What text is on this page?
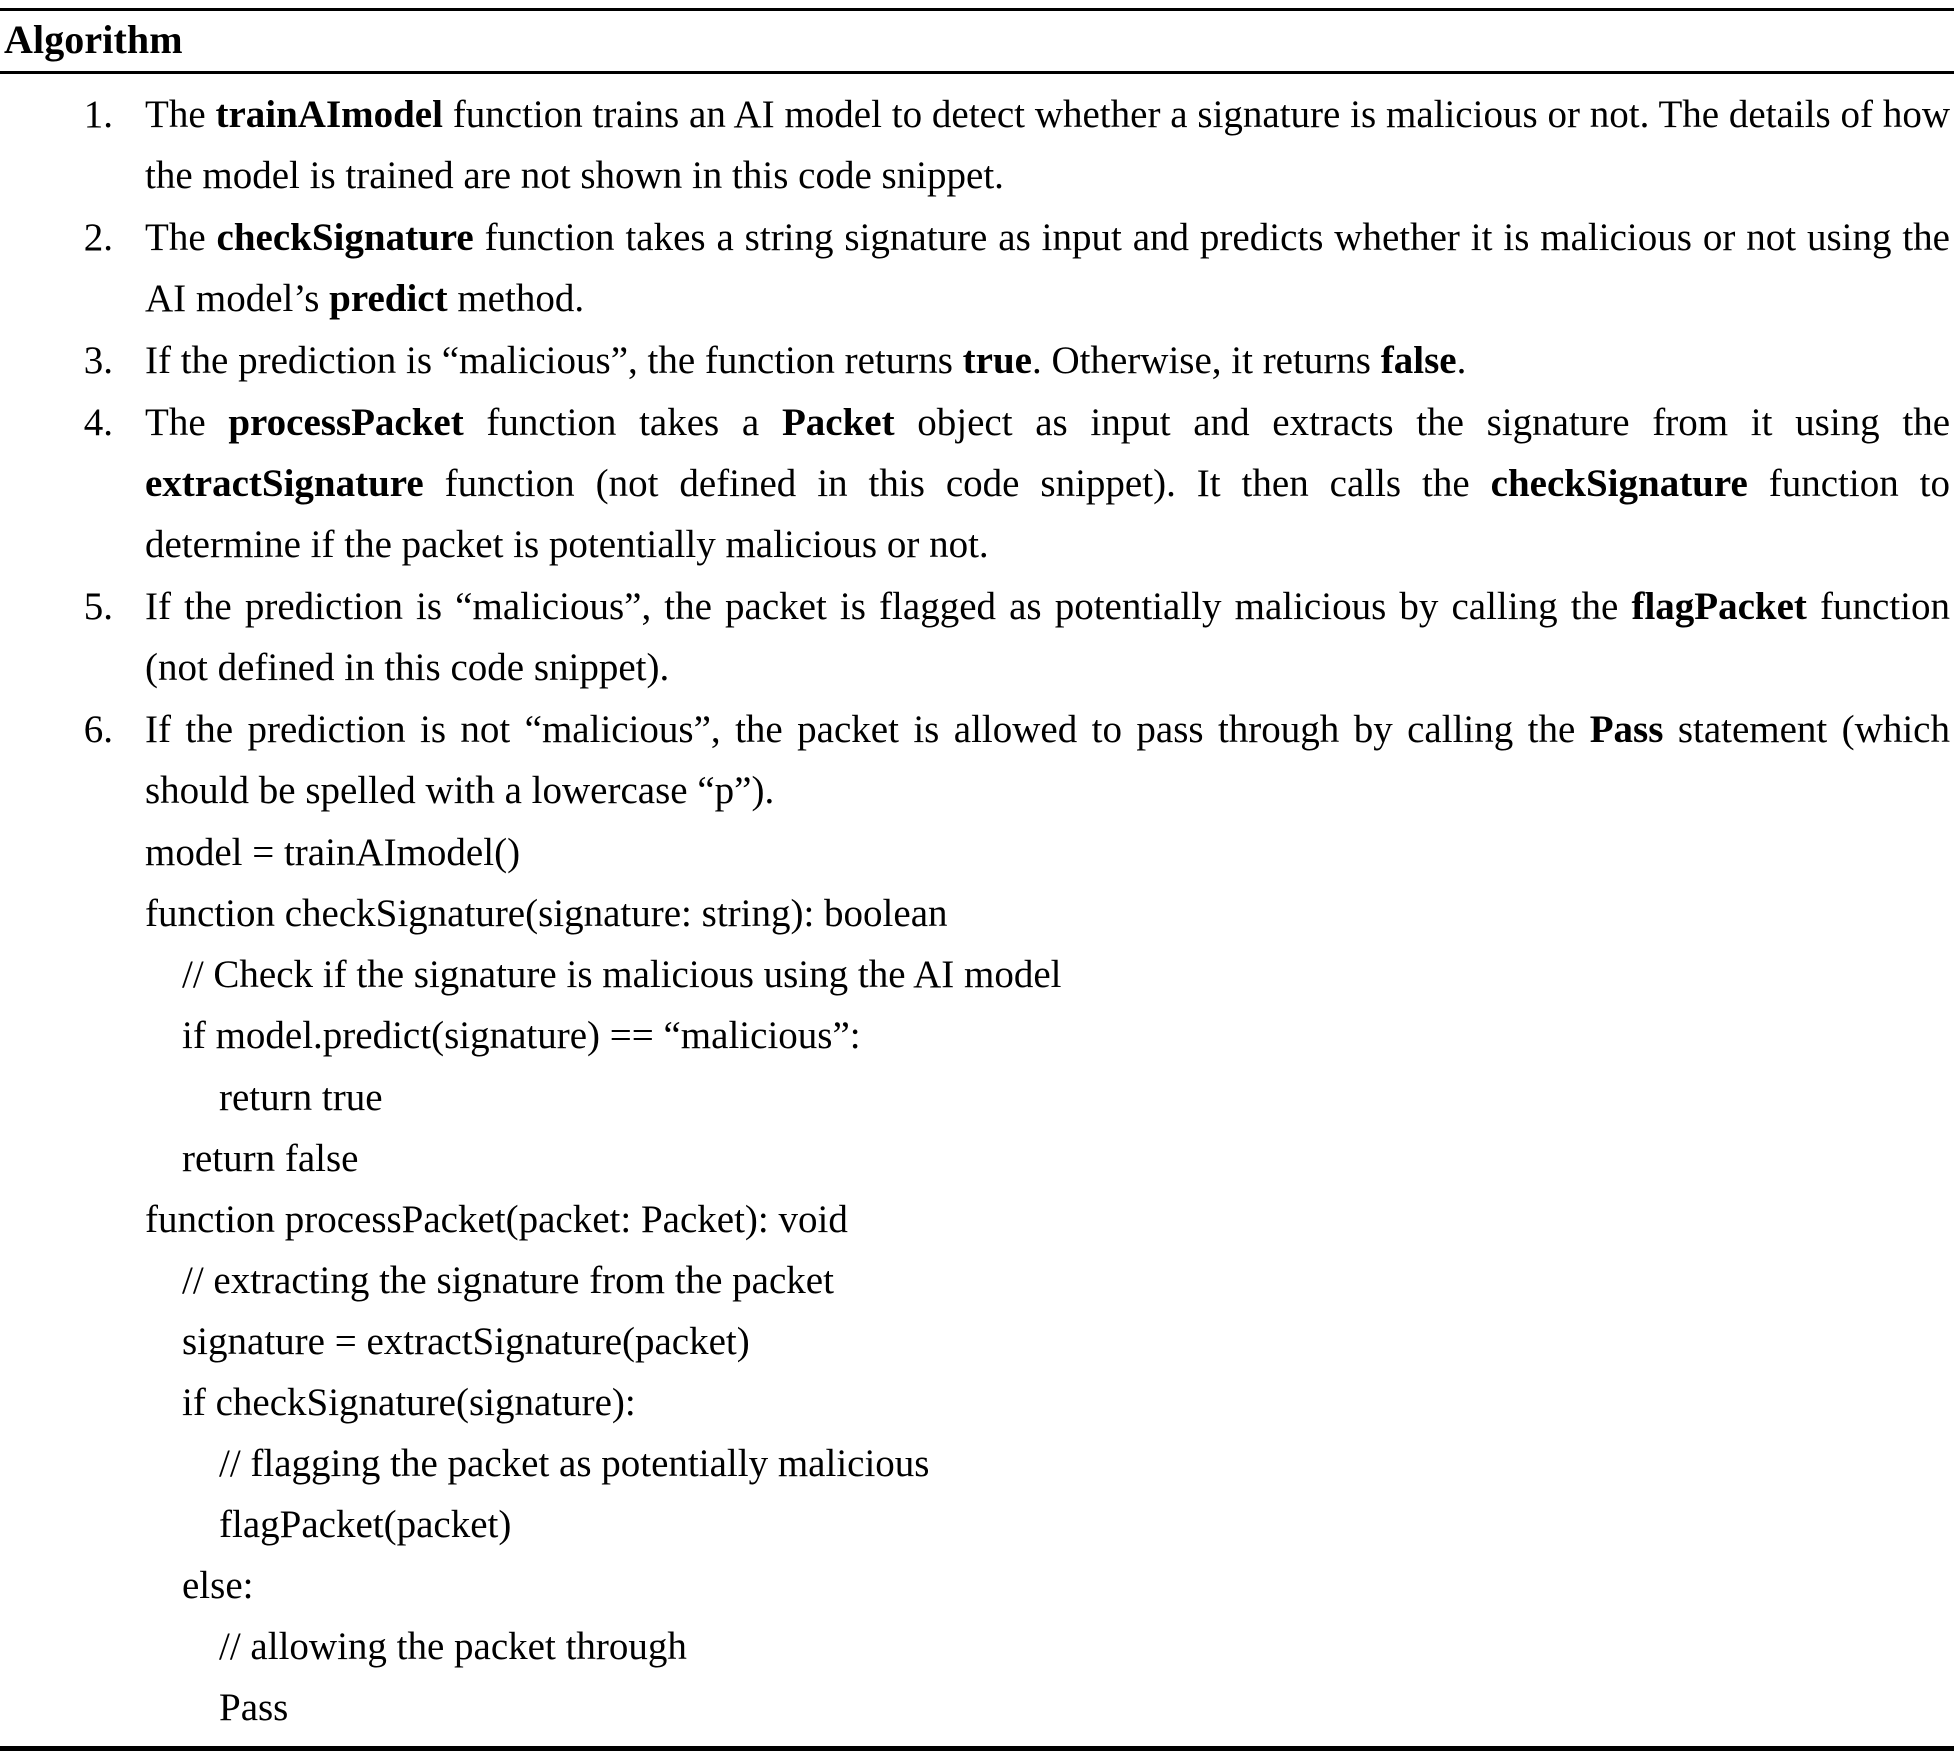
Algorithm
1. The trainAImodel function trains an AI model to detect whether a signature is malicious or not. The details of how the model is trained are not shown in this code snippet.
2. The checkSignature function takes a string signature as input and predicts whether it is malicious or not using the AI model’s predict method.
3. If the prediction is “malicious”, the function returns true. Otherwise, it returns false.
4. The processPacket function takes a Packet object as input and extracts the signature from it using the extractSignature function (not defined in this code snippet). It then calls the checkSignature function to determine if the packet is potentially malicious or not.
5. If the prediction is “malicious”, the packet is flagged as potentially malicious by calling the flagPacket function (not defined in this code snippet).
6. If the prediction is not “malicious”, the packet is allowed to pass through by calling the Pass statement (which should be spelled with a lowercase “p”).
model = trainAImodel()
function checkSignature(signature: string): boolean
// Check if the signature is malicious using the AI model
if model.predict(signature) == “malicious”:
return true
return false
function processPacket(packet: Packet): void
// extracting the signature from the packet
signature = extractSignature(packet)
if checkSignature(signature):
// flagging the packet as potentially malicious
flagPacket(packet)
else:
// allowing the packet through
Pass
